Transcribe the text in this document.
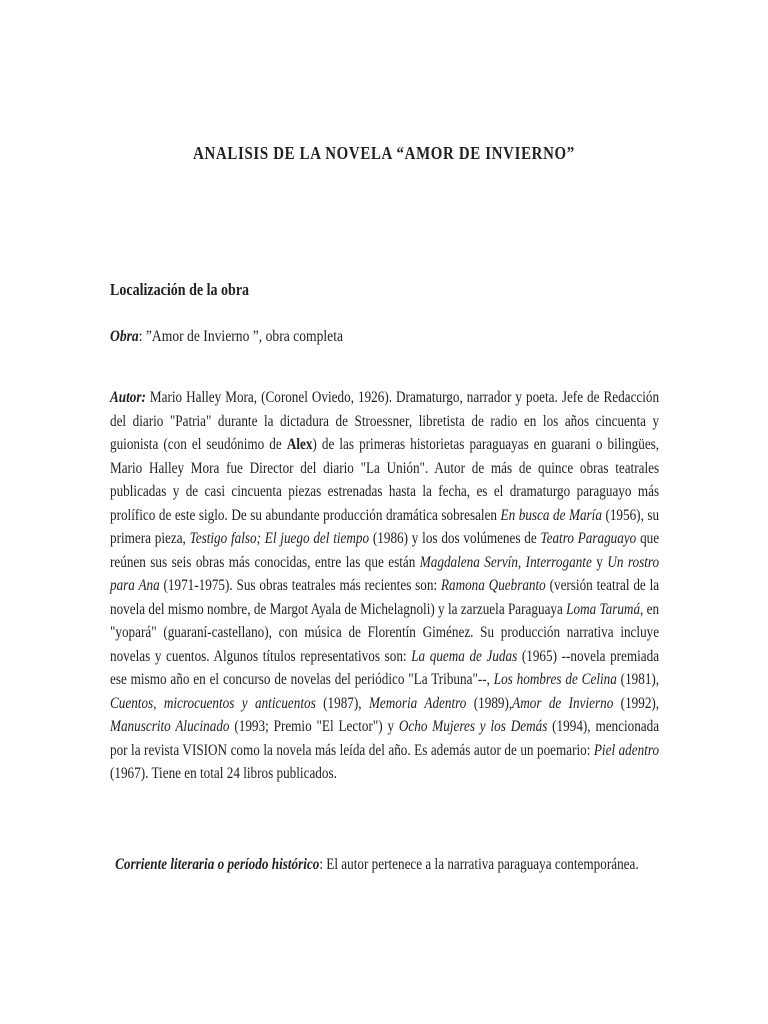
ANALISIS DE LA NOVELA “AMOR DE INVIERNO”
Localización de la obra

Obra: ”Amor de Invierno ”, obra completa

Autor: Mario Halley Mora, (Coronel Oviedo, 1926). Dramaturgo, narrador y poeta. Jefe de Redacción del diario "Patria" durante la dictadura de Stroessner, libretista de radio en los años cincuenta y guionista (con el seudónimo de Alex) de las primeras historietas paraguayas en guarani o bilingües, Mario Halley Mora fue Director del diario "La Unión". Autor de más de quince obras teatrales publicadas y de casi cincuenta piezas estrenadas hasta la fecha, es el dramaturgo paraguayo más prolífico de este siglo. De su abundante producción dramática sobresalen En busca de María (1956), su primera pieza, Testigo falso; El juego del tiempo (1986) y los dos volúmenes de Teatro Paraguayo que reúnen sus seis obras más conocidas, entre las que están Magdalena Servín, Interrogante y Un rostro para Ana (1971-1975). Sus obras teatrales más recientes son: Ramona Quebranto (versión teatral de la novela del mismo nombre, de Margot Ayala de Michelagnoli) y la zarzuela Paraguaya Loma Tarumá, en "yopará" (guaraní-castellano), con música de Florentín Giménez. Su producción narrativa incluye novelas y cuentos. Algunos títulos representativos son: La quema de Judas (1965) --novela premiada ese mismo año en el concurso de novelas del periódico "La Tribuna"--, Los hombres de Celina (1981), Cuentos, microcuentos y anticuentos (1987), Memoria Adentro (1989),Amor de Invierno (1992), Manuscrito Alucinado (1993; Premio "El Lector") y Ocho Mujeres y los Demás (1994), mencionada por la revista VISION como la novela más leída del año. Es además autor de un poemario: Piel adentro (1967). Tiene en total 24 libros publicados.

Corriente literaria o período histórico: El autor pertenece a la narrativa paraguaya contemporánea.
